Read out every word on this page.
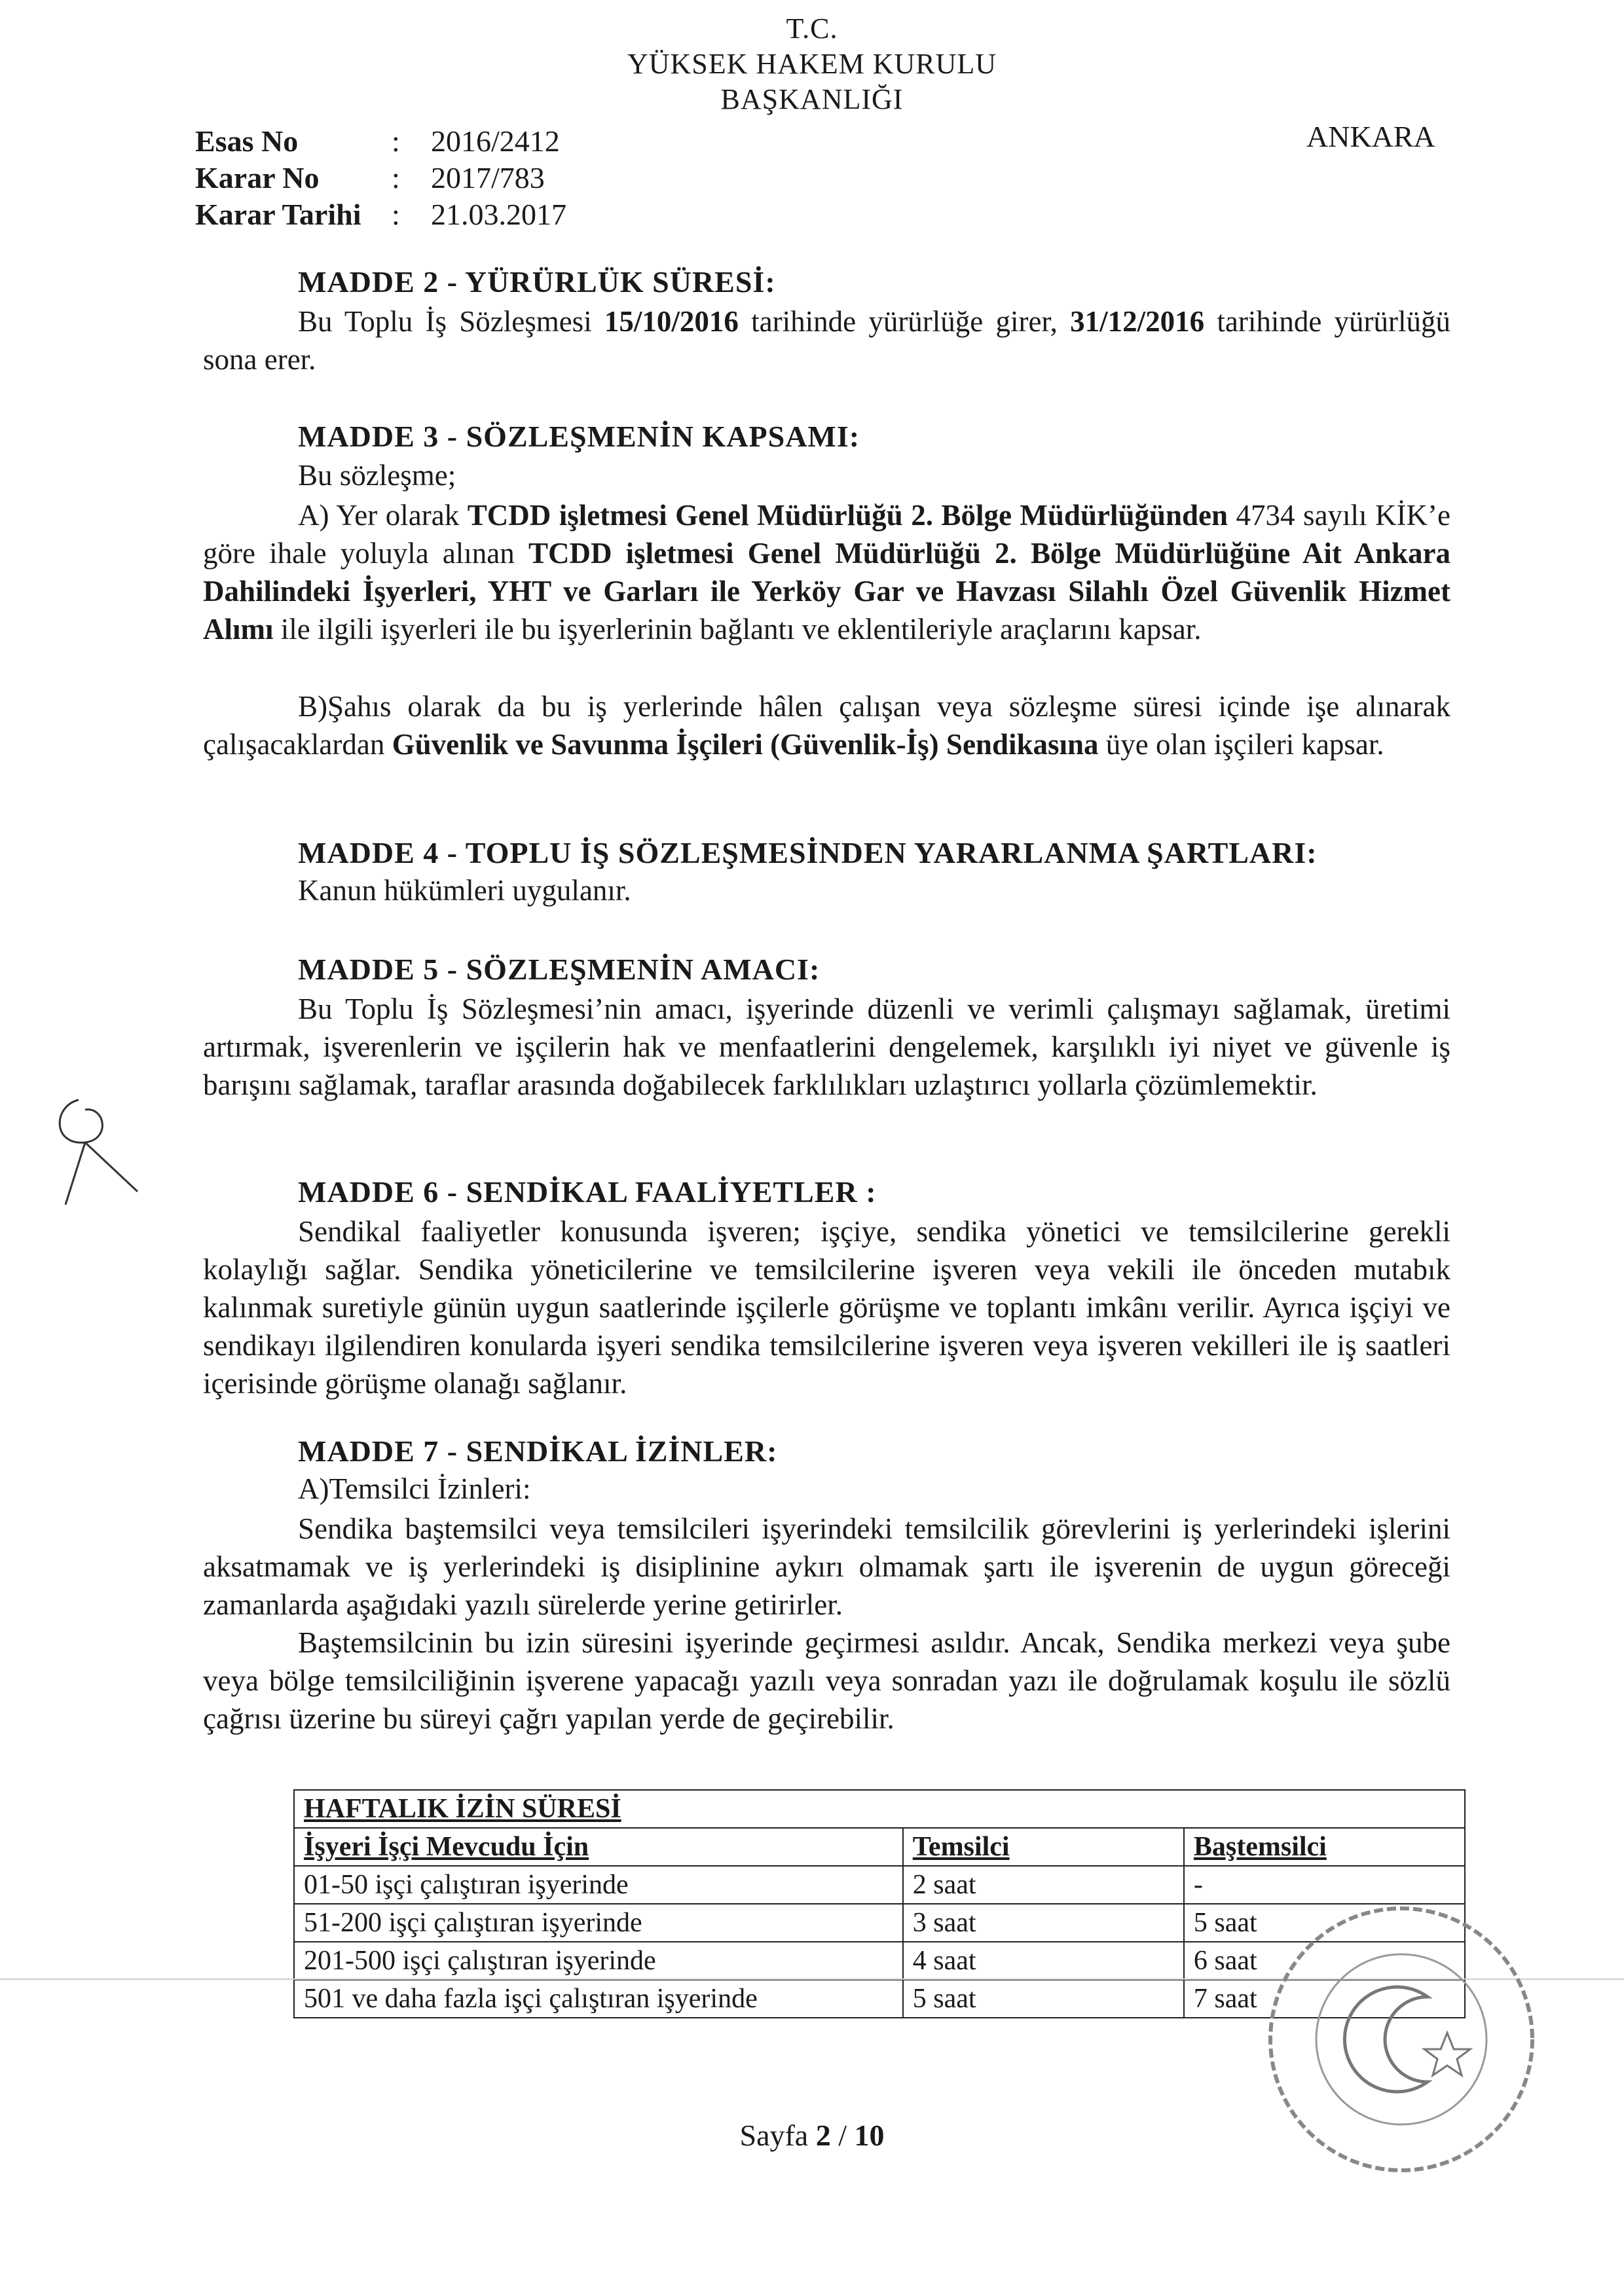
T.C.
YÜKSEK HAKEM KURULU
BAŞKANLIĞI
ANKARA
Esas No	: 2016/2412
Karar No : 2017/783
Karar Tarihi : 21.03.2017
MADDE 2 - YÜRÜRLÜK SÜRESİ:
Bu Toplu İş Sözleşmesi 15/10/2016 tarihinde yürürlüğe girer, 31/12/2016 tarihinde yürürlüğü sona erer.
MADDE 3 - SÖZLEŞMENİN KAPSAMI:
Bu sözleşme;
A) Yer olarak TCDD işletmesi Genel Müdürlüğü 2. Bölge Müdürlüğünden 4734 sayılı KİK’e göre ihale yoluyla alınan TCDD işletmesi Genel Müdürlüğü 2. Bölge Müdürlüğüne Ait Ankara Dahilindeki İşyerleri, YHT ve Garları ile Yerköy Gar ve Havzası Silahlı Özel Güvenlik Hizmet Alımı ile ilgili işyerleri ile bu işyerlerinin bağlantı ve eklentileriyle araçlarını kapsar.
B)Şahıs olarak da bu iş yerlerinde hâlen çalışan veya sözleşme süresi içinde işe alınarak çalışacaklardan Güvenlik ve Savunma İşçileri (Güvenlik-İş) Sendikasına üye olan işçileri kapsar.
MADDE 4 - TOPLU İŞ SÖZLEŞMESİNDEN YARARLANMA ŞARTLARI:
Kanun hükümleri uygulanır.
MADDE 5 - SÖZLEŞMENİN AMACI:
Bu Toplu İş Sözleşmesi’nin amacı, işyerinde düzenli ve verimli çalışmayı sağlamak, üretimi artırmak, işverenlerin ve işçilerin hak ve menfaatlerini dengelemek, karşılıklı iyi niyet ve güvenle iş barışını sağlamak, taraflar arasında doğabilecek farklılıkları uzlaştırıcı yollarla çözümlemektir.
MADDE 6 - SENDİKAL FAALİYETLER :
Sendikal faaliyetler konusunda işveren; işçiye, sendika yönetici ve temsilcilerine gerekli kolaylığı sağlar. Sendika yöneticilerine ve temsilcilerine işveren veya vekili ile önceden mutabık kalınmak suretiyle günün uygun saatlerinde işçilerle görüşme ve toplantı imkânı verilir. Ayrıca işçiyi ve sendikayı ilgilendiren konularda işyeri sendika temsilcilerine işveren veya işveren vekilleri ile iş saatleri içerisinde görüşme olanağı sağlanır.
MADDE 7 - SENDİKAL İZİNLER:
A)Temsilci İzinleri:
Sendika baştemsilci veya temsilcileri işyerindeki temsilcilik görevlerini iş yerlerindeki işlerini aksatmamak ve iş yerlerindeki iş disiplinine aykırı olmamak şartı ile işverenin de uygun göreceği zamanlarda aşağıdaki yazılı sürelerde yerine getirirler.
Baştemsilcinin bu izin süresini işyerinde geçirmesi asıldır. Ancak, Sendika merkezi veya şube veya bölge temsilciliğinin işverene yapacağı yazılı veya sonradan yazı ile doğrulamak koşulu ile sözlü çağrısı üzerine bu süreyi çağrı yapılan yerde de geçirebilir.
HAFTALIK İZİN SÜRESİ		
İşyeri İşçi Mevcudu İçin	Temsilci	Baştemsilci
01-50 işçi çalıştıran işyerinde	2 saat	-
51-200 işçi çalıştıran işyerinde	3 saat	5 saat
201-500 işçi çalıştıran işyerinde	4 saat	6 saat
501 ve daha fazla işçi çalıştıran işyerinde	5 saat	7 saat
Sayfa 2 / 10
